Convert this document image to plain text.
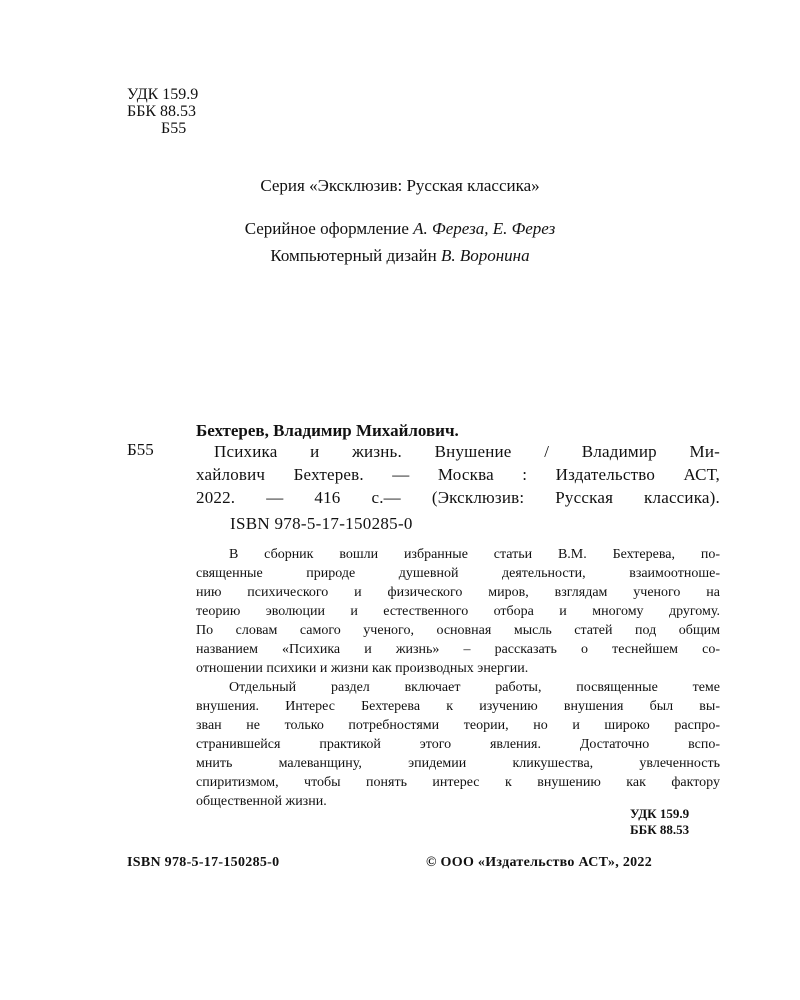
УДК 159.9
ББК 88.53
Б55
Серия «Эксклюзив: Русская классика»
Серийное оформление А. Фереза, Е. Ферез
Компьютерный дизайн В. Воронина
Бехтерев, Владимир Михайлович.
Б55	Психика и жизнь. Внушение / Владимир Ми-
хайлович Бехтерев. — Москва : Издательство АСТ,
2022. — 416 с.— (Эксклюзив: Русская классика).
ISBN 978-5-17-150285-0
В сборник вошли избранные статьи В.М. Бехтерева, по-
священные природе душевной деятельности, взаимоотноше-
нию психического и физического миров, взглядам ученого на
теорию эволюции и естественного отбора и многому другому.
По словам самого ученого, основная мысль статей под общим
названием «Психика и жизнь» – рассказать о теснейшем со-
отношении психики и жизни как производных энергии.
Отдельный раздел включает работы, посвященные теме
внушения. Интерес Бехтерева к изучению внушения был вы-
зван не только потребностями теории, но и широко распро-
странившейся практикой этого явления. Достаточно вспо-
мнить малеванщину, эпидемии кликушества, увлеченность
спиритизмом, чтобы понять интерес к внушению как фактору
общественной жизни.
УДК 159.9
ББК 88.53
ISBN 978-5-17-150285-0	© ООО «Издательство АСТ», 2022
